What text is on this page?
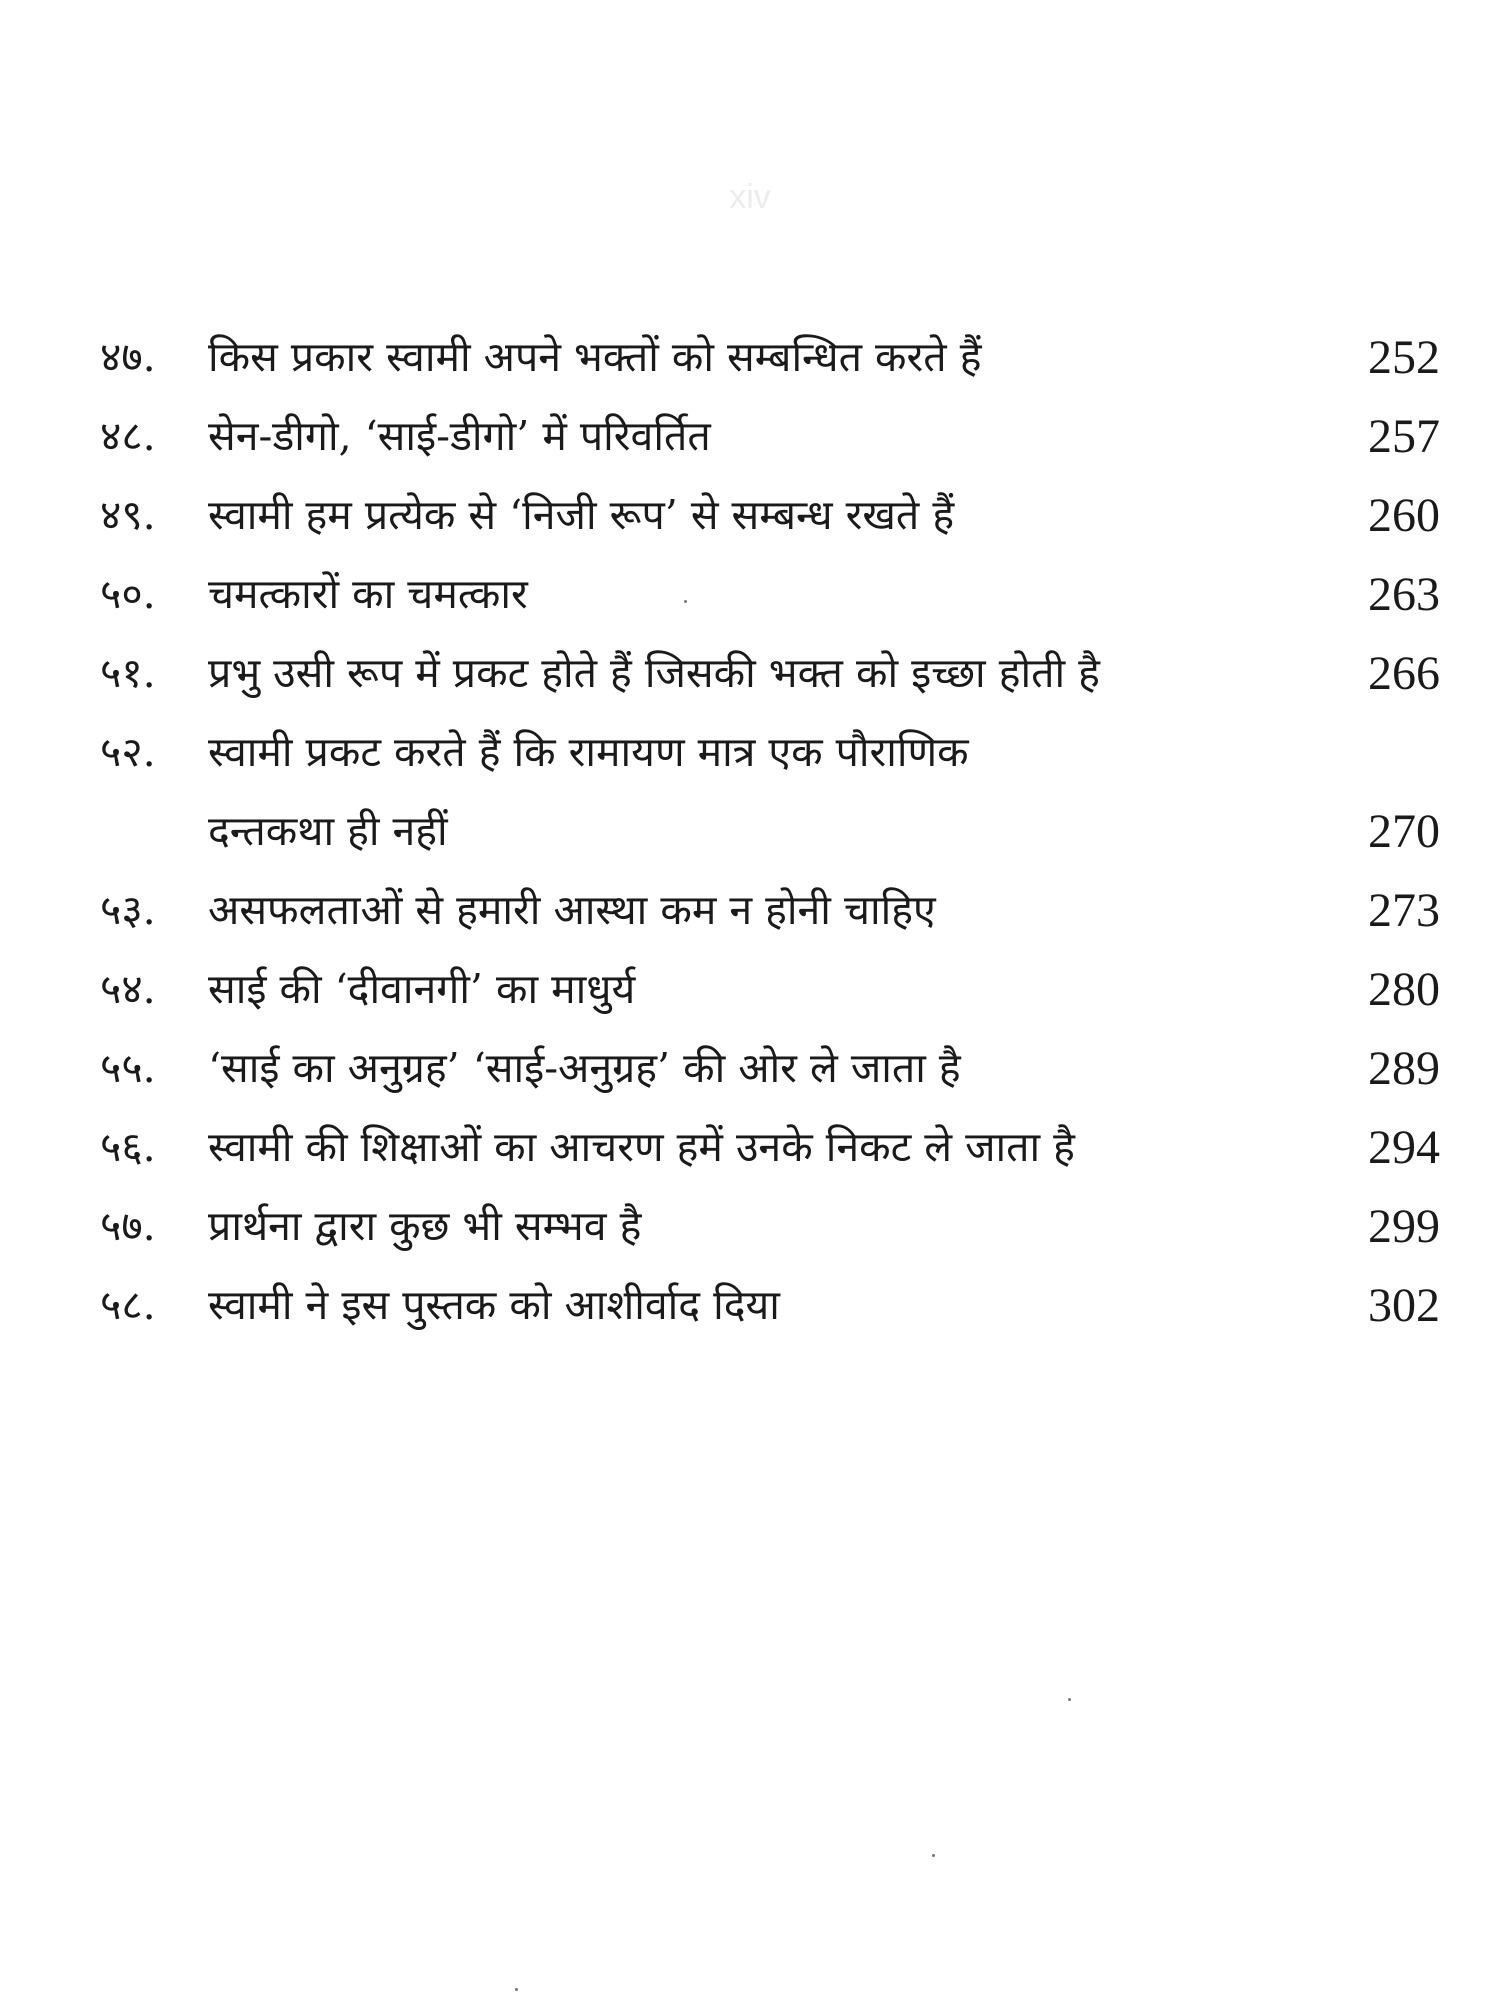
xiv
४७.	किस प्रकार स्वामी अपने भक्तों को सम्बन्धित करते हैं	252
४८.	सेन-डीगो, ‘साई-डीगो’ में परिवर्तित	257
४९.	स्वामी हम प्रत्येक से ‘निजी रूप’ से सम्बन्ध रखते हैं	260
५०.	चमत्कारों का चमत्कार	263
५१.	प्रभु उसी रूप में प्रकट होते हैं जिसकी भक्त को इच्छा होती है	266
५२.	स्वामी प्रकट करते हैं कि रामायण मात्र एक पौराणिक
दन्तकथा ही नहीं	270
५३.	असफलताओं से हमारी आस्था कम न होनी चाहिए	273
५४.	साई की ‘दीवानगी’ का माधुर्य	280
५५.	‘साई का अनुग्रह’ ‘साई-अनुग्रह’ की ओर ले जाता है	289
५६.	स्वामी की शिक्षाओं का आचरण हमें उनके निकट ले जाता है	294
५७.	प्रार्थना द्वारा कुछ भी सम्भव है	299
५८.	स्वामी ने इस पुस्तक को आशीर्वाद दिया	302
